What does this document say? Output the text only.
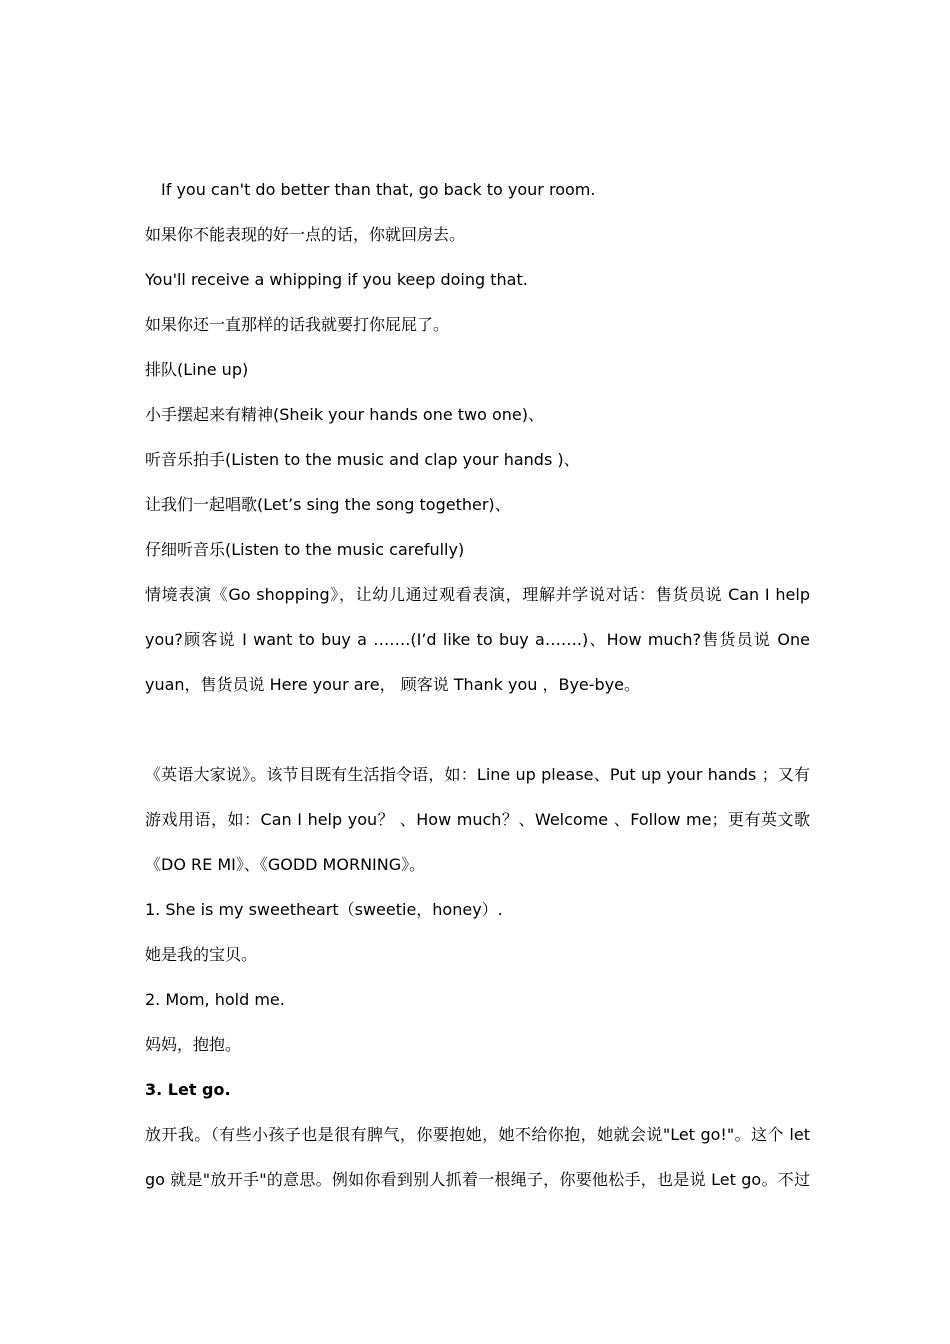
If you can't do better than that, go back to your room.
如果你不能表现的好一点的话，你就回房去。
You'll receive a whipping if you keep doing that.
如果你还一直那样的话我就要打你屁屁了。
排队(Line up)
小手摆起来有精神(Sheik your hands one two one)、
听音乐拍手(Listen to the music and clap your hands )、
让我们一起唱歌(Let’s sing the song together)、
仔细听音乐(Listen to the music carefully)
情境表演《Go shopping》，让幼儿通过观看表演，理解并学说对话：售货员说 Can I help
you?顾客说 I want to buy a …….(I’d like to buy a…….)、How much?售货员说 One
yuan，售货员说 Here your are， 顾客说 Thank you ，Bye-bye。
《英语大家说》。该节目既有生活指令语，如：Line up please、Put up your hands ；又有
游戏用语，如：Can I help you？ 、How much？、Welcome 、Follow me；更有英文歌
《DO RE MI》、《GODD MORNING》。
1. She is my sweetheart（sweetie，honey）.
她是我的宝贝。
2. Mom, hold me.
妈妈，抱抱。
3. Let go.
放开我。（有些小孩子也是很有脾气，你要抱她，她不给你抱，她就会说"Let go!"。这个 let
go 就是"放开手"的意思。例如你看到别人抓着一根绳子，你要他松手，也是说 Let go。不过
